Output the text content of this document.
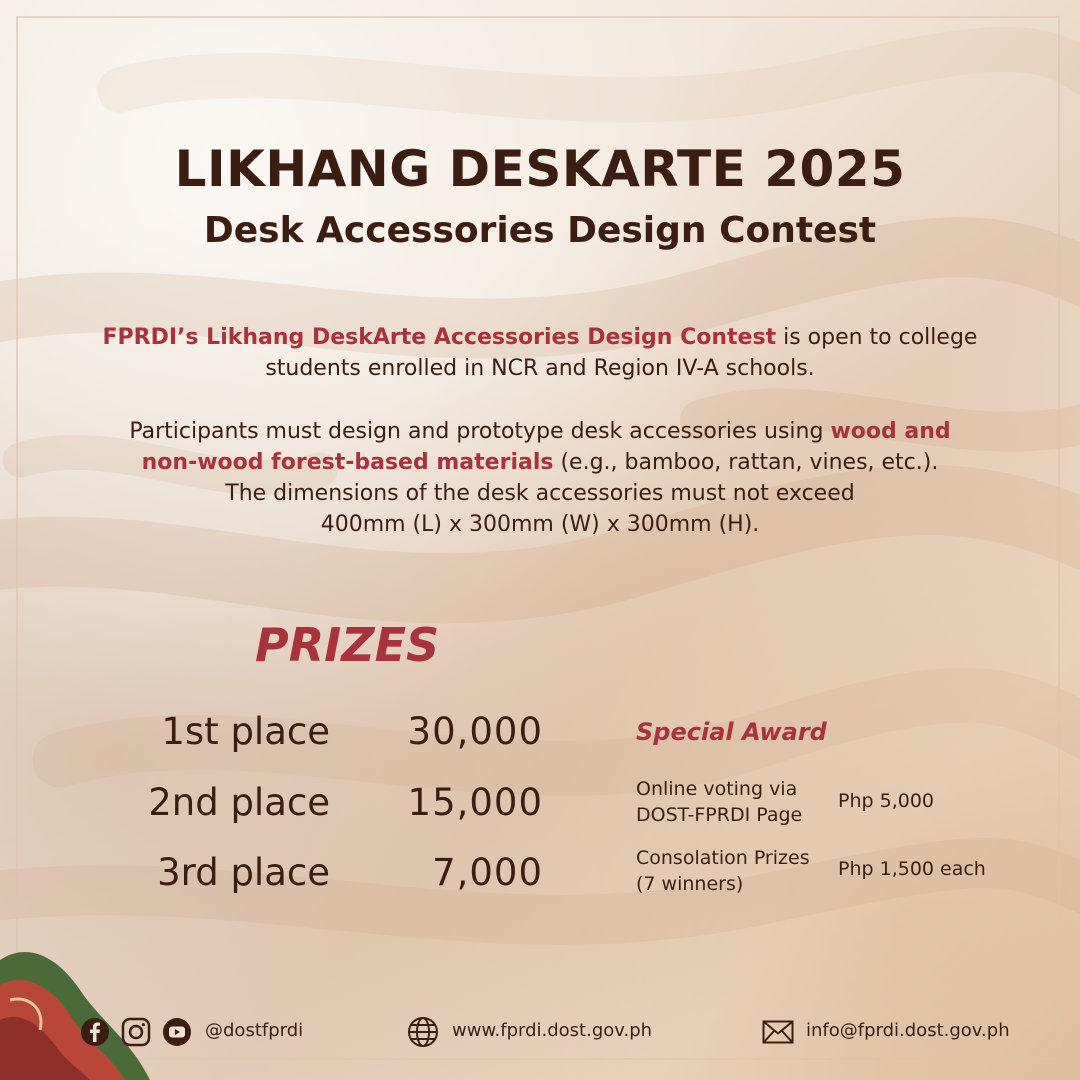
LIKHANG DESKARTE 2025
Desk Accessories Design Contest
FPRDI’s Likhang DeskArte Accessories Design Contest is open to college
students enrolled in NCR and Region IV-A schools.
Participants must design and prototype desk accessories using wood and
non-wood forest-based materials (e.g., bamboo, rattan, vines, etc.).
The dimensions of the desk accessories must not exceed
400mm (L) x 300mm (W) x 300mm (H).
PRIZES
1st place	30,000
2nd place	15,000
3rd place	7,000
Special Award
Online voting via
DOST-FPRDI Page
Php 5,000
Consolation Prizes
(7 winners)
Php 1,500 each
@dostfprdi	www.fprdi.dost.gov.ph	info@fprdi.dost.gov.ph
